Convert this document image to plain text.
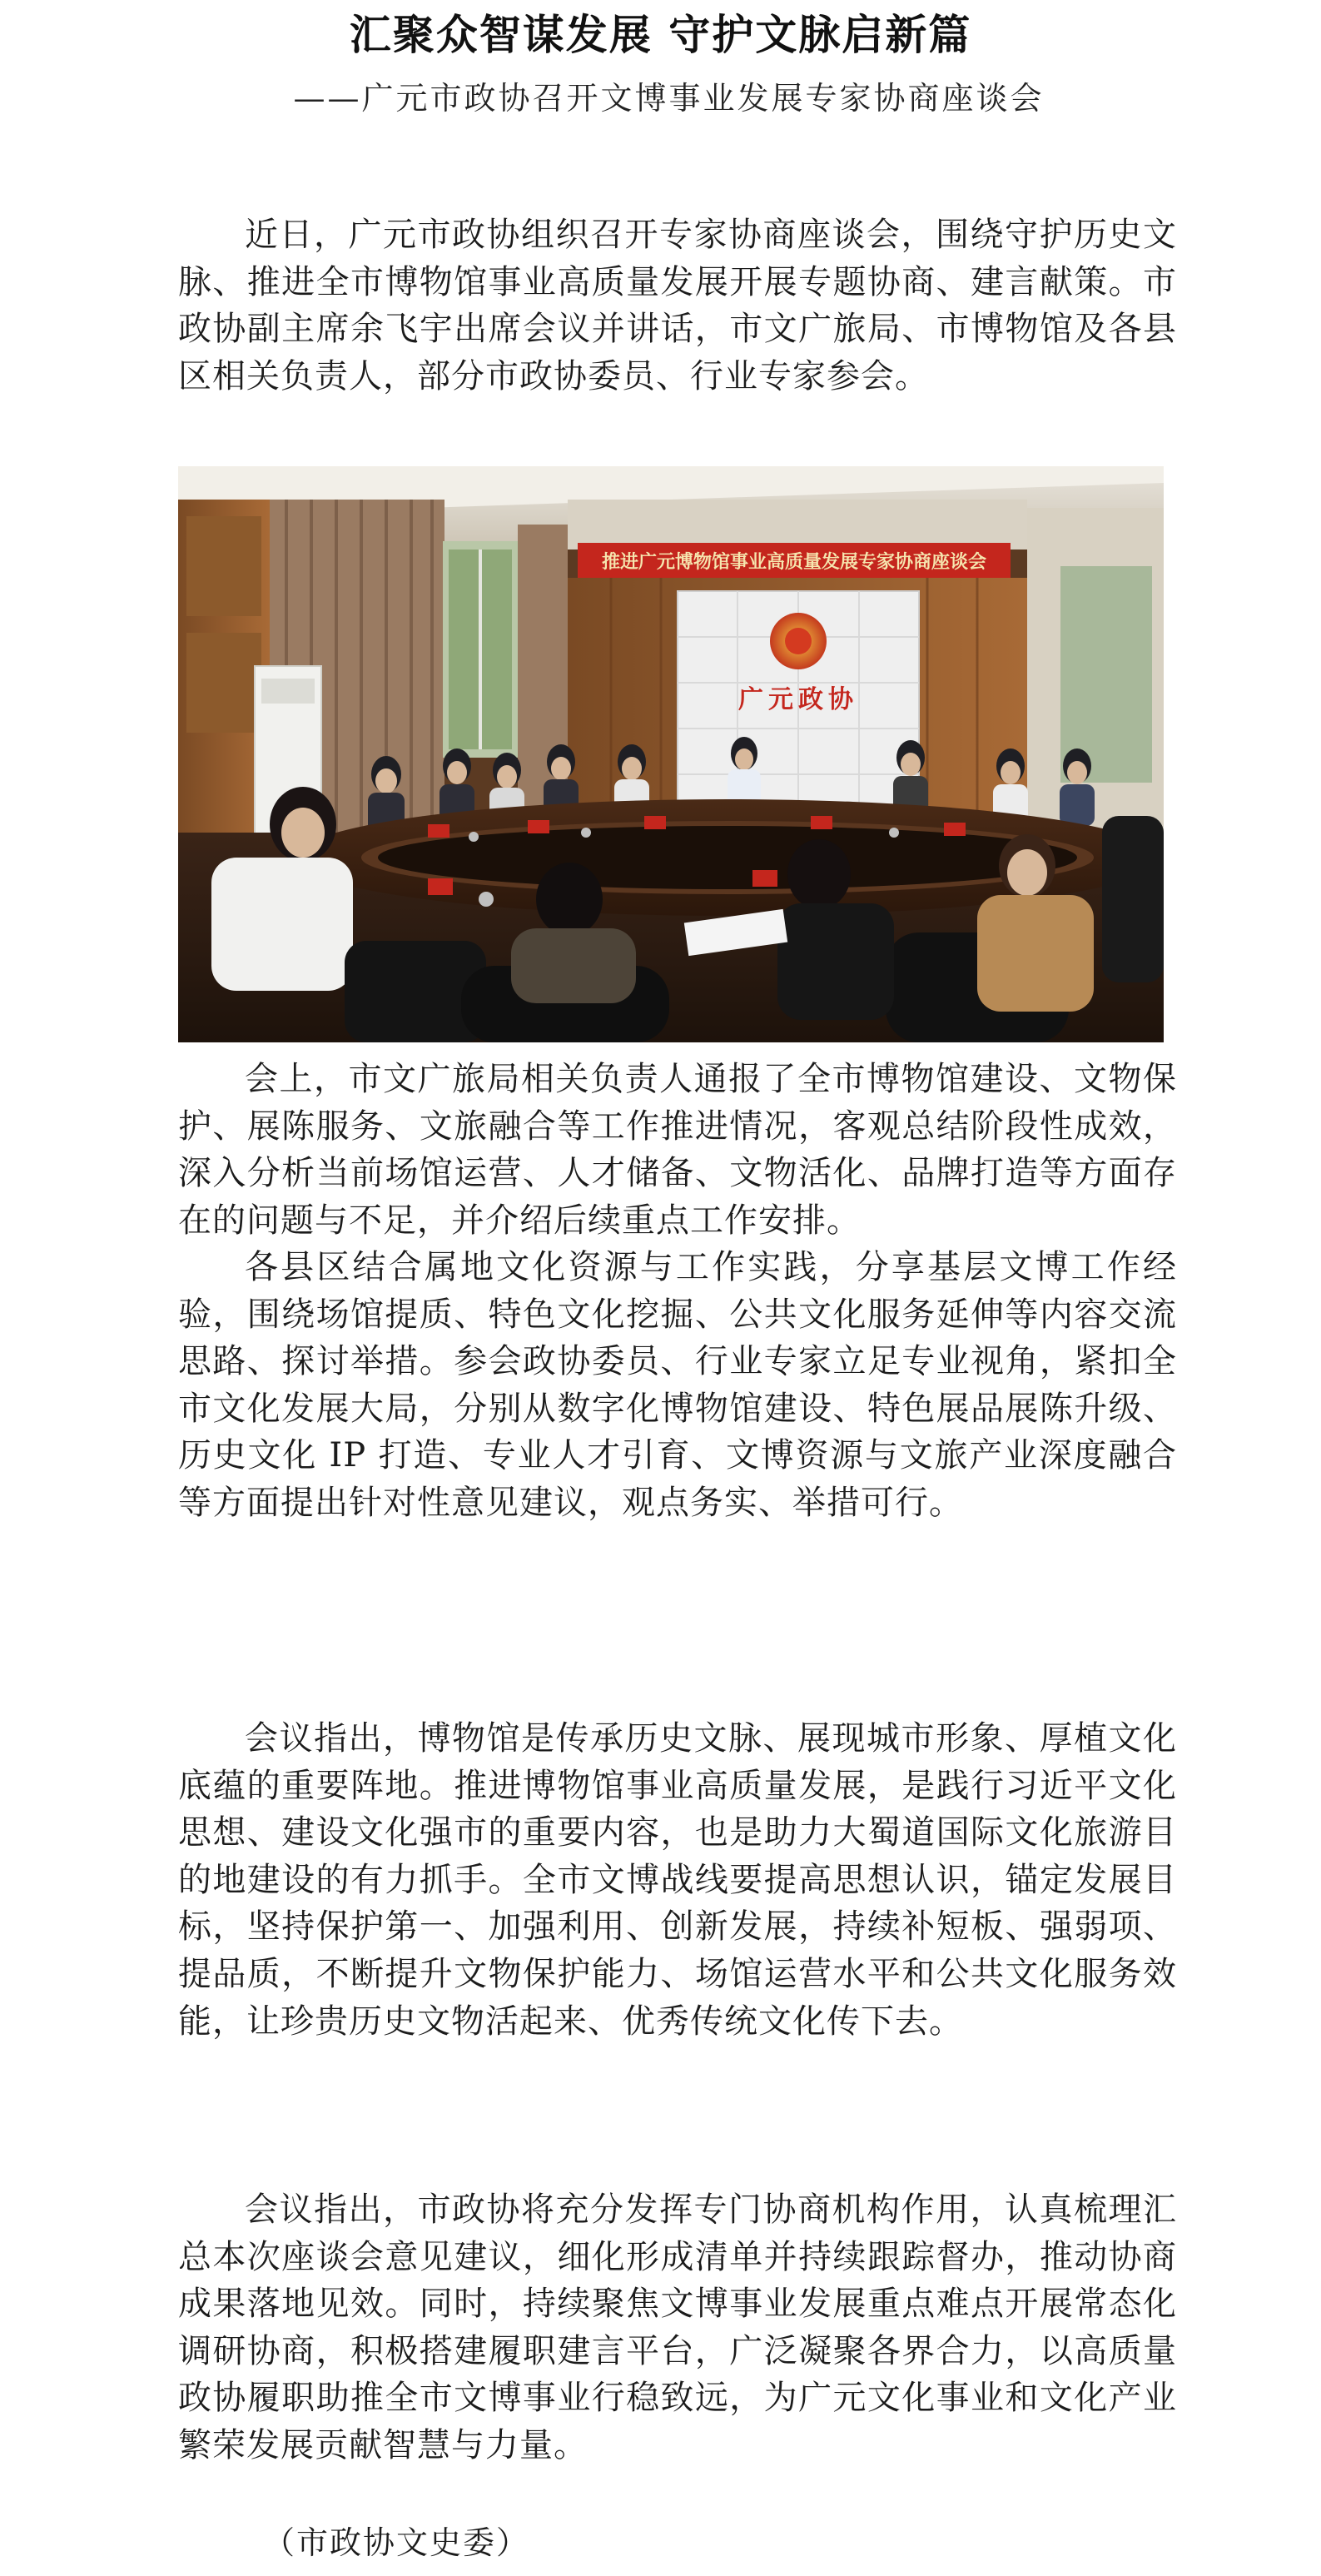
汇聚众智谋发展 守护文脉启新篇
——广元市政协召开文博事业发展专家协商座谈会

近日，广元市政协组织召开专家协商座谈会，围绕守护历史文脉、推进全市博物馆事业高质量发展开展专题协商、建言献策。市政协副主席余飞宇出席会议并讲话，市文广旅局、市博物馆及各县区相关负责人，部分市政协委员、行业专家参会。

推进广元博物馆事业高质量发展专家协商座谈会
广元政协

会上，市文广旅局相关负责人通报了全市博物馆建设、文物保护、展陈服务、文旅融合等工作推进情况，客观总结阶段性成效，深入分析当前场馆运营、人才储备、文物活化、品牌打造等方面存在的问题与不足，并介绍后续重点工作安排。

各县区结合属地文化资源与工作实践，分享基层文博工作经验，围绕场馆提质、特色文化挖掘、公共文化服务延伸等内容交流思路、探讨举措。参会政协委员、行业专家立足专业视角，紧扣全市文化发展大局，分别从数字化博物馆建设、特色展品展陈升级、历史文化 IP 打造、专业人才引育、文博资源与文旅产业深度融合等方面提出针对性意见建议，观点务实、举措可行。

会议指出，博物馆是传承历史文脉、展现城市形象、厚植文化底蕴的重要阵地。推进博物馆事业高质量发展，是践行习近平文化思想、建设文化强市的重要内容，也是助力大蜀道国际文化旅游目的地建设的有力抓手。全市文博战线要提高思想认识，锚定发展目标，坚持保护第一、加强利用、创新发展，持续补短板、强弱项、提品质，不断提升文物保护能力、场馆运营水平和公共文化服务效能，让珍贵历史文物活起来、优秀传统文化传下去。

会议指出，市政协将充分发挥专门协商机构作用，认真梳理汇总本次座谈会意见建议，细化形成清单并持续跟踪督办，推动协商成果落地见效。同时，持续聚焦文博事业发展重点难点开展常态化调研协商，积极搭建履职建言平台，广泛凝聚各界合力，以高质量政协履职助推全市文博事业行稳致远，为广元文化事业和文化产业繁荣发展贡献智慧与力量。

（市政协文史委）
